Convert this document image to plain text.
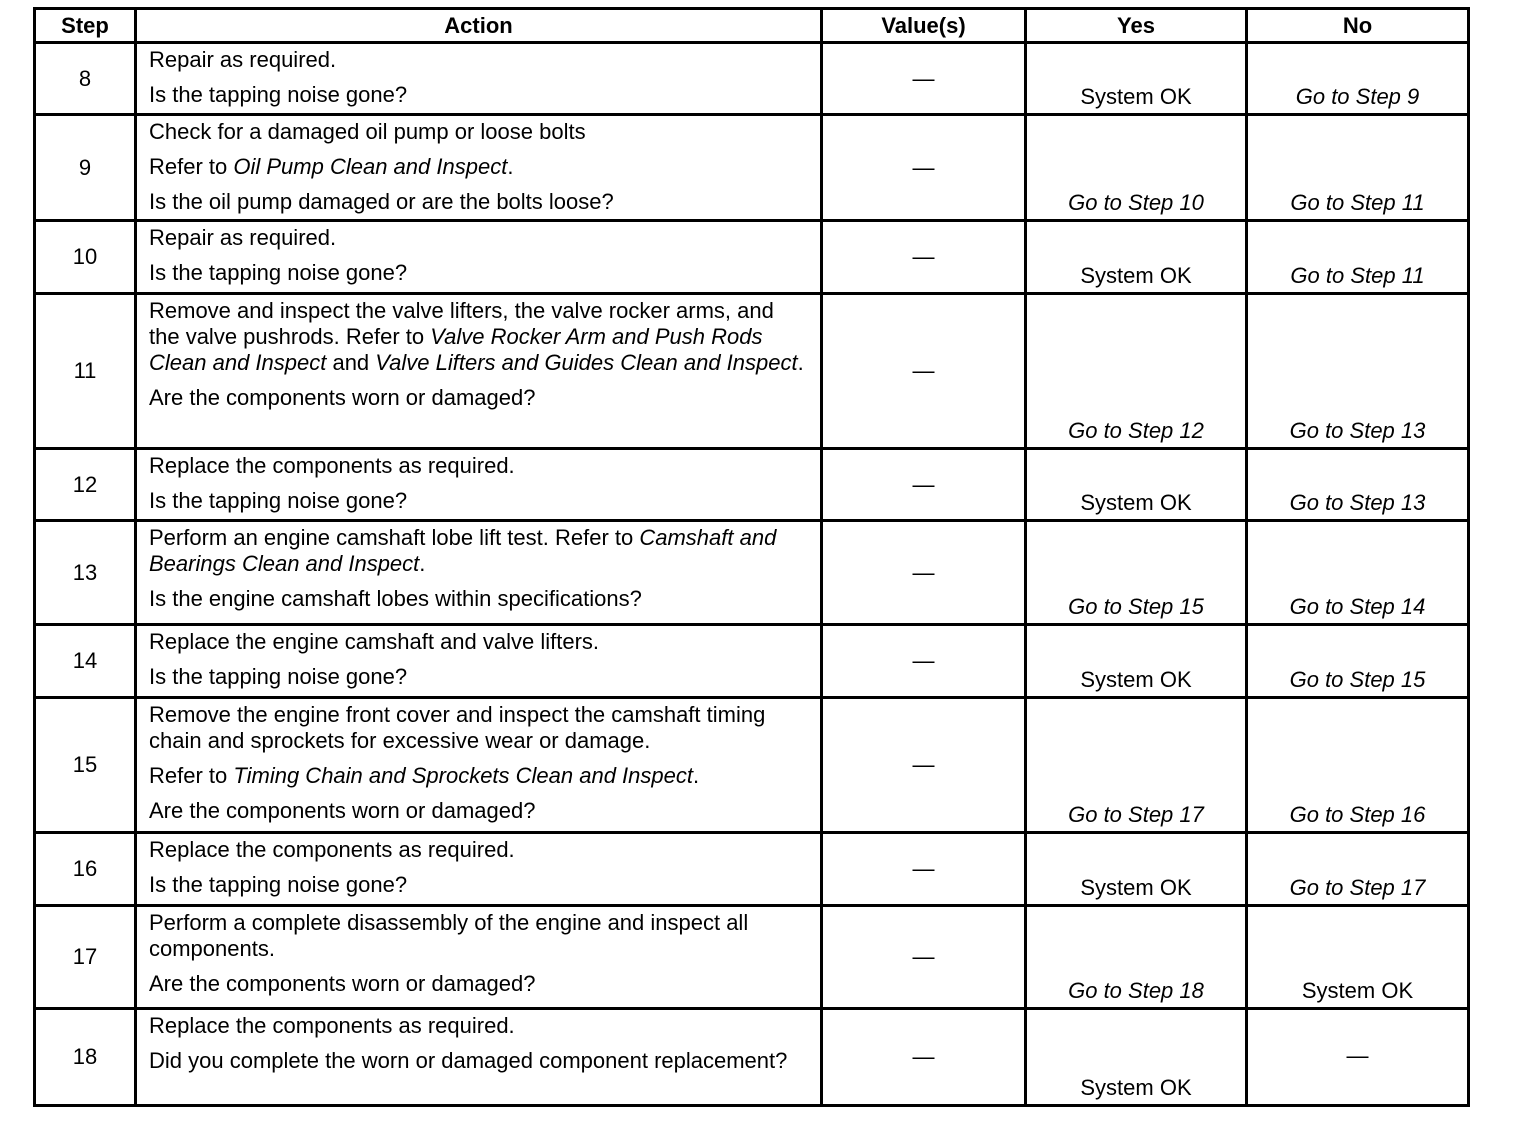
Step	Action	Value(s)	Yes	No
8	Repair as required.
Is the tapping noise gone?	—	System OK	Go to Step 9
9	Check for a damaged oil pump or loose bolts
Refer to Oil Pump Clean and Inspect.
Is the oil pump damaged or are the bolts loose?	—	Go to Step 10	Go to Step 11
10	Repair as required.
Is the tapping noise gone?	—	System OK	Go to Step 11
11	Remove and inspect the valve lifters, the valve rocker arms, and the valve pushrods. Refer to Valve Rocker Arm and Push Rods Clean and Inspect and Valve Lifters and Guides Clean and Inspect.
Are the components worn or damaged?	—	Go to Step 12	Go to Step 13
12	Replace the components as required.
Is the tapping noise gone?	—	System OK	Go to Step 13
13	Perform an engine camshaft lobe lift test. Refer to Camshaft and Bearings Clean and Inspect.
Is the engine camshaft lobes within specifications?	—	Go to Step 15	Go to Step 14
14	Replace the engine camshaft and valve lifters.
Is the tapping noise gone?	—	System OK	Go to Step 15
15	Remove the engine front cover and inspect the camshaft timing chain and sprockets for excessive wear or damage.
Refer to Timing Chain and Sprockets Clean and Inspect.
Are the components worn or damaged?	—	Go to Step 17	Go to Step 16
16	Replace the components as required.
Is the tapping noise gone?	—	System OK	Go to Step 17
17	Perform a complete disassembly of the engine and inspect all components.
Are the components worn or damaged?	—	Go to Step 18	System OK
18	Replace the components as required.
Did you complete the worn or damaged component replacement?	—	System OK	—
